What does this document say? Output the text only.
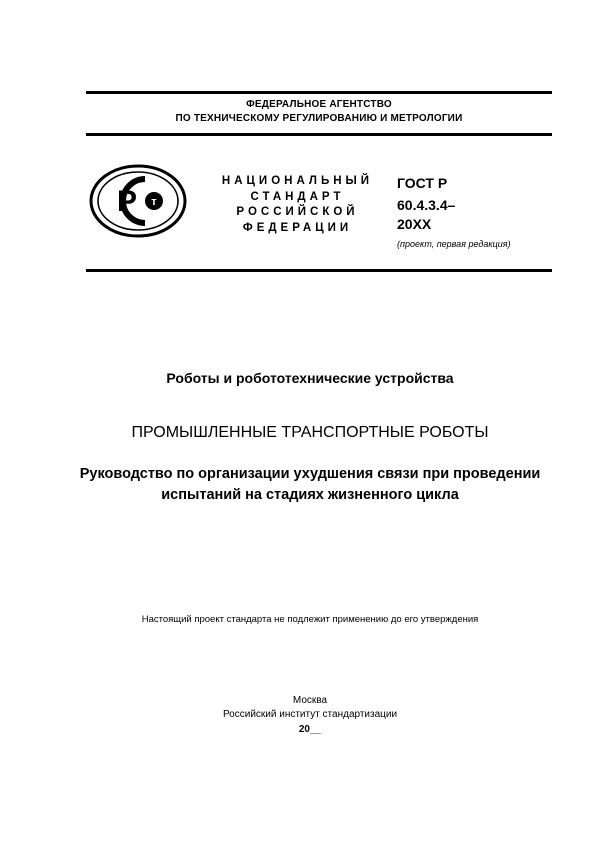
ФЕДЕРАЛЬНОЕ АГЕНТСТВО
ПО ТЕХНИЧЕСКОМУ РЕГУЛИРОВАНИЮ И МЕТРОЛОГИИ
Р т
НАЦИОНАЛЬНЫЙ
СТАНДАРТ
РОССИЙСКОЙ
ФЕДЕРАЦИИ
ГОСТ Р
60.4.3.4–
20ХХ
(проект, первая редакция)
Роботы и робототехнические устройства
ПРОМЫШЛЕННЫЕ ТРАНСПОРТНЫЕ РОБОТЫ
Руководство по организации ухудшения связи при проведении испытаний на стадиях жизненного цикла
Настоящий проект стандарта не подлежит применению до его утверждения
Москва
Российский институт стандартизации
20__
